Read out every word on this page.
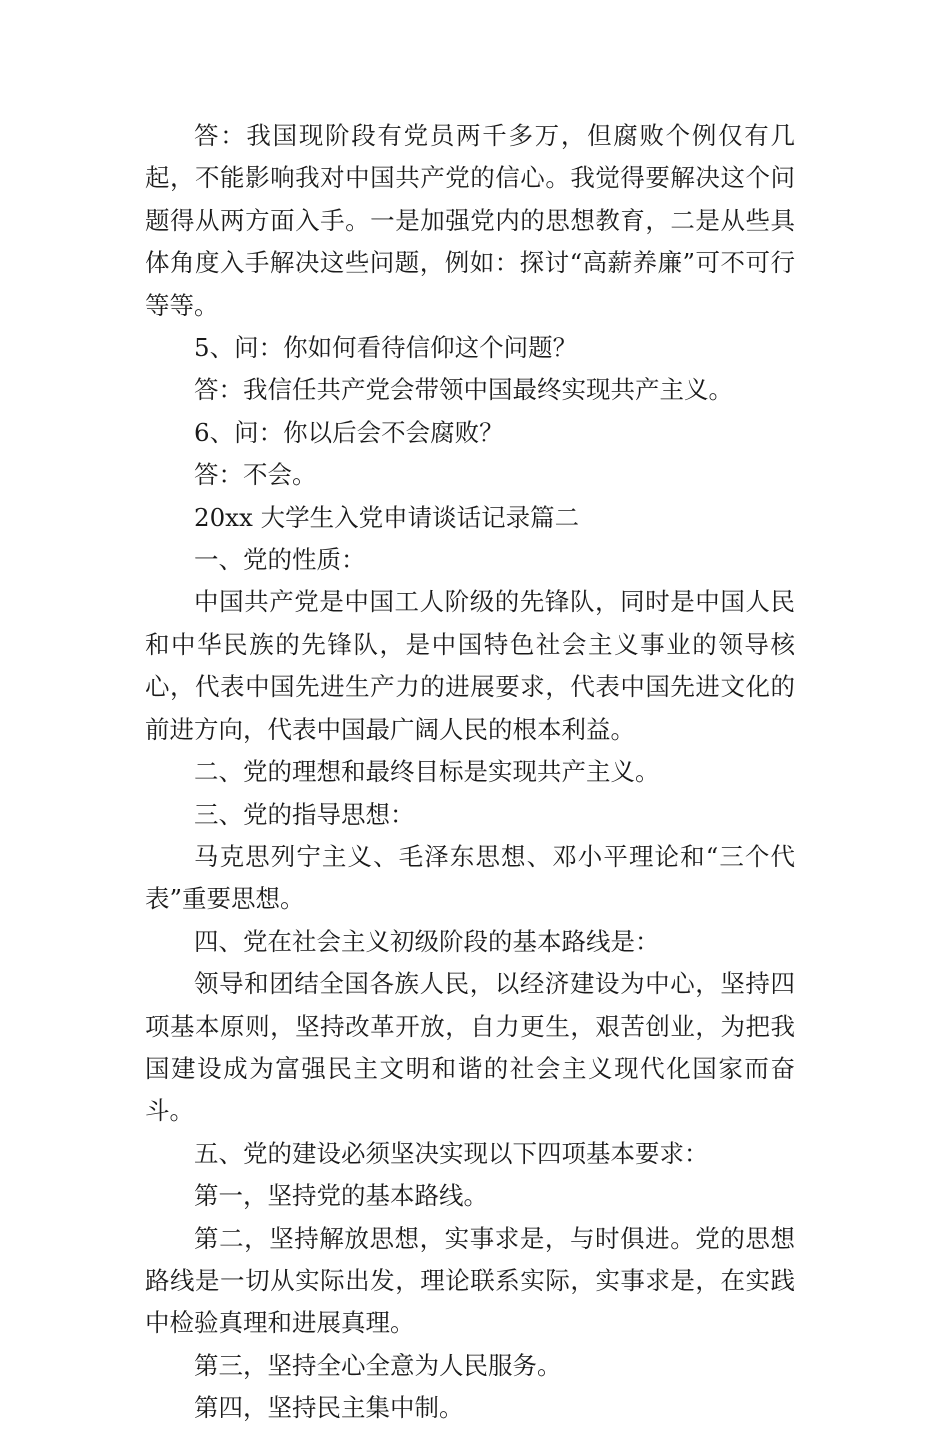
答：我国现阶段有党员两千多万，但腐败个例仅有几起，不能影响我对中国共产党的信心。我觉得要解决这个问题得从两方面入手。一是加强党内的思想教育，二是从些具体角度入手解决这些问题，例如：探讨“高薪养廉”可不可行等等。

5、问：你如何看待信仰这个问题？

答：我信任共产党会带领中国最终实现共产主义。

6、问：你以后会不会腐败？

答：不会。

20xx 大学生入党申请谈话记录篇二

一、党的性质：

中国共产党是中国工人阶级的先锋队，同时是中国人民和中华民族的先锋队，是中国特色社会主义事业的领导核心，代表中国先进生产力的进展要求，代表中国先进文化的前进方向，代表中国最广阔人民的根本利益。

二、党的理想和最终目标是实现共产主义。

三、党的指导思想：

马克思列宁主义、毛泽东思想、邓小平理论和“三个代表”重要思想。

四、党在社会主义初级阶段的基本路线是：

领导和团结全国各族人民，以经济建设为中心，坚持四项基本原则，坚持改革开放，自力更生，艰苦创业，为把我国建设成为富强民主文明和谐的社会主义现代化国家而奋斗。

五、党的建设必须坚决实现以下四项基本要求：

第一，坚持党的基本路线。

第二，坚持解放思想，实事求是，与时俱进。党的思想路线是一切从实际出发，理论联系实际，实事求是，在实践中检验真理和进展真理。

第三，坚持全心全意为人民服务。

第四，坚持民主集中制。
